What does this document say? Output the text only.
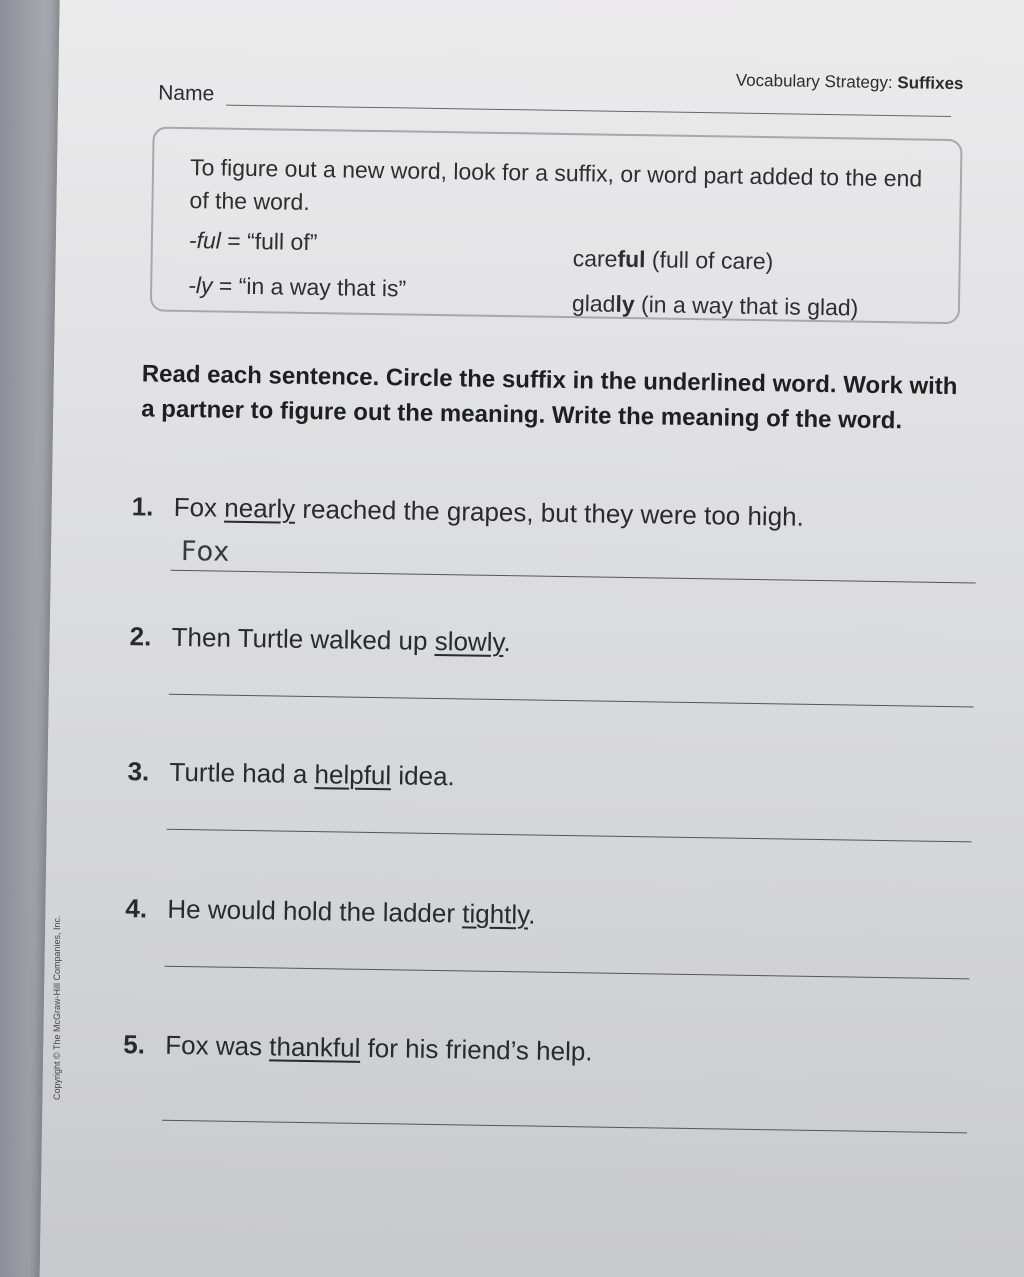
Name
Vocabulary Strategy: Suffixes
To figure out a new word, look for a suffix, or word part added to the end of the word.
-ful = “full of”
careful (full of care)
-ly = “in a way that is”
gladly (in a way that is glad)
Read each sentence. Circle the suffix in the underlined word. Work with a partner to figure out the meaning. Write the meaning of the word.
1. Fox nearly reached the grapes, but they were too high.
Fox
2. Then Turtle walked up slowly.
3. Turtle had a helpful idea.
4. He would hold the ladder tightly.
5. Fox was thankful for his friend’s help.
Copyright © The McGraw-Hill Companies, Inc.
